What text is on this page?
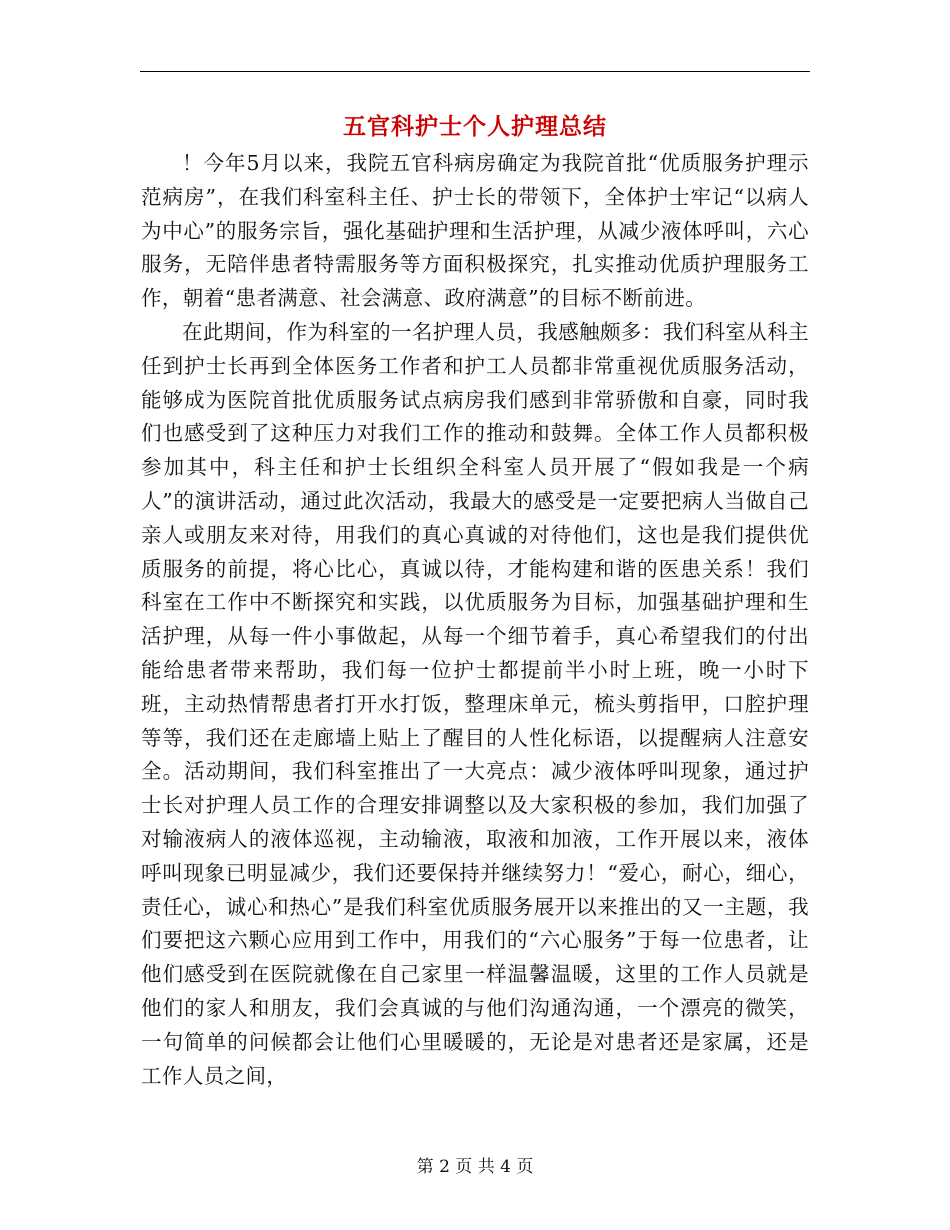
五官科护士个人护理总结

！今年5月以来，我院五官科病房确定为我院首批“优质服务护理示范病房”，在我们科室科主任、护士长的带领下，全体护士牢记“以病人为中心”的服务宗旨，强化基础护理和生活护理，从减少液体呼叫，六心服务，无陪伴患者特需服务等方面积极探究，扎实推动优质护理服务工作，朝着“患者满意、社会满意、政府满意”的目标不断前进。

在此期间，作为科室的一名护理人员，我感触颇多：我们科室从科主任到护士长再到全体医务工作者和护工人员都非常重视优质服务活动，能够成为医院首批优质服务试点病房我们感到非常骄傲和自豪，同时我们也感受到了这种压力对我们工作的推动和鼓舞。全体工作人员都积极参加其中，科主任和护士长组织全科室人员开展了“假如我是一个病人”的演讲活动，通过此次活动，我最大的感受是一定要把病人当做自己亲人或朋友来对待，用我们的真心真诚的对待他们，这也是我们提供优质服务的前提，将心比心，真诚以待，才能构建和谐的医患关系！我们科室在工作中不断探究和实践，以优质服务为目标，加强基础护理和生活护理，从每一件小事做起，从每一个细节着手，真心希望我们的付出能给患者带来帮助，我们每一位护士都提前半小时上班，晚一小时下班，主动热情帮患者打开水打饭，整理床单元，梳头剪指甲，口腔护理等等，我们还在走廊墙上贴上了醒目的人性化标语，以提醒病人注意安全。活动期间，我们科室推出了一大亮点：减少液体呼叫现象，通过护士长对护理人员工作的合理安排调整以及大家积极的参加，我们加强了对输液病人的液体巡视，主动输液，取液和加液，工作开展以来，液体呼叫现象已明显减少，我们还要保持并继续努力！“爱心，耐心，细心，责任心，诚心和热心”是我们科室优质服务展开以来推出的又一主题，我们要把这六颗心应用到工作中，用我们的“六心服务”于每一位患者，让他们感受到在医院就像在自己家里一样温馨温暖，这里的工作人员就是他们的家人和朋友，我们会真诚的与他们沟通沟通，一个漂亮的微笑，一句简单的问候都会让他们心里暖暖的，无论是对患者还是家属，还是工作人员之间，

第 2 页 共 4 页
